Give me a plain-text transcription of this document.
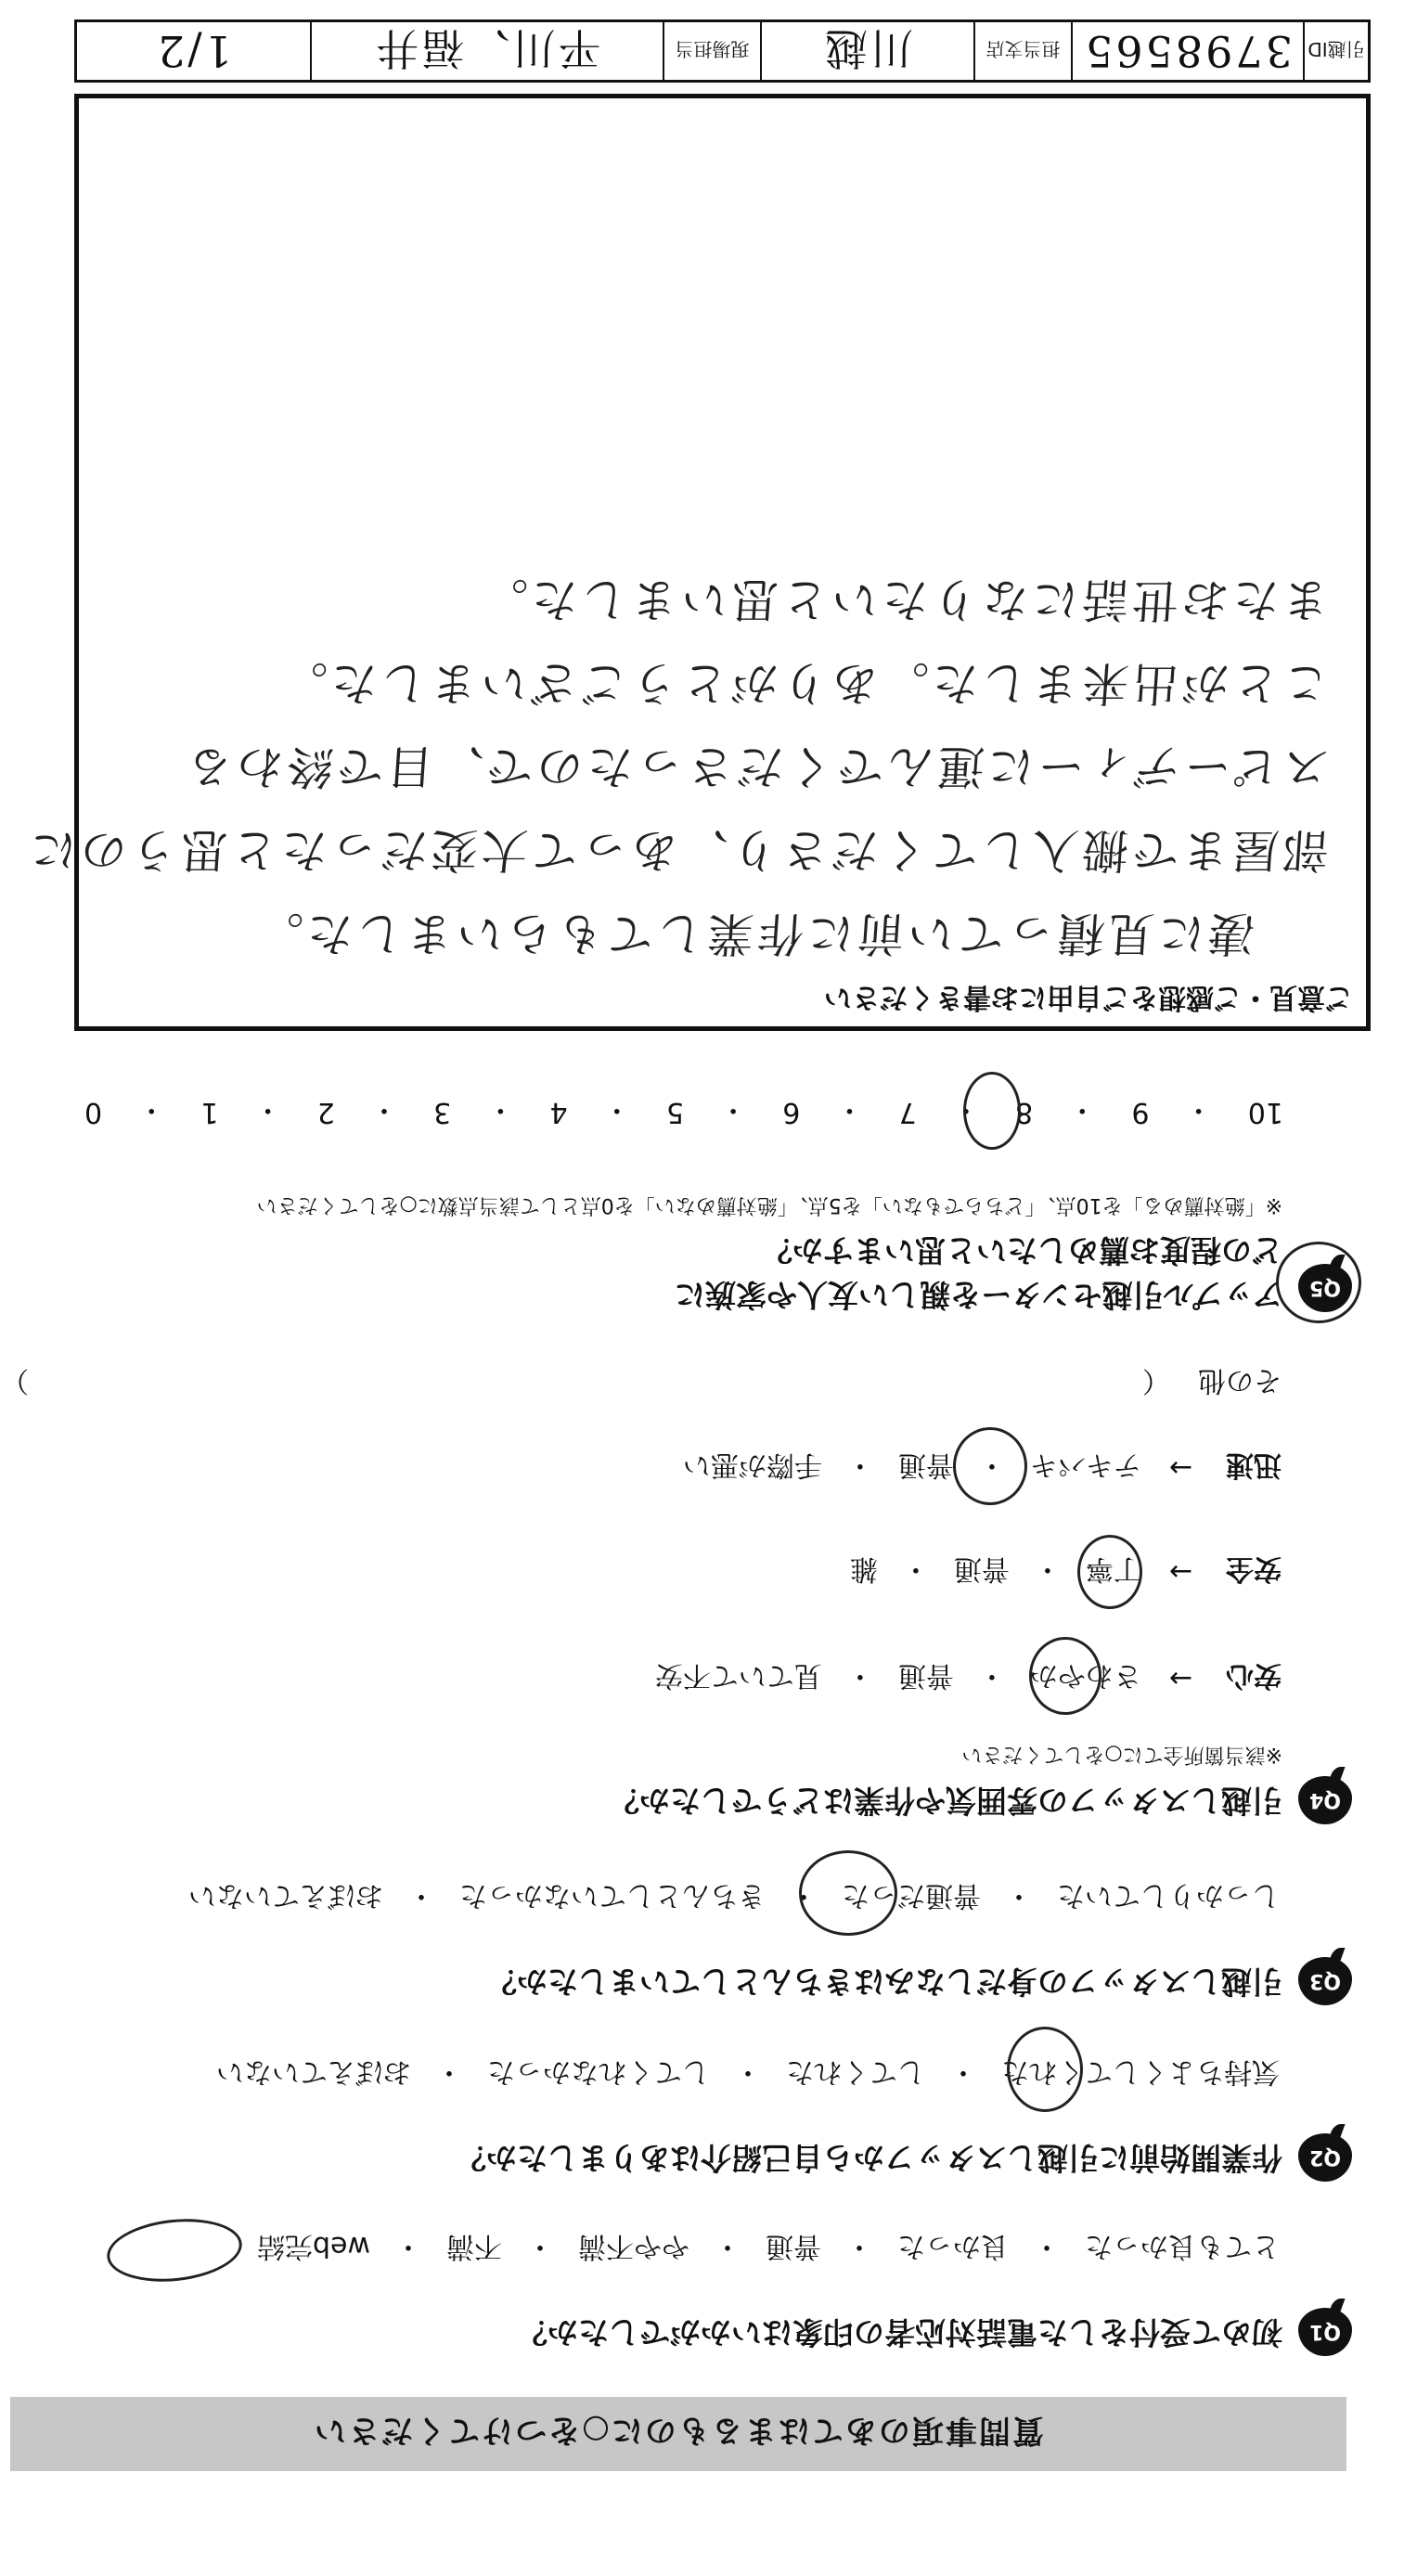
質問事項のあてはまるものに○をつけてください
Q1
初めて受付をした電話対応者の印象はいかがでしたか？
とても良かった
・
良かった
・
普通
・
やや不満
・
不満
・
web完結
Q2
作業開始前に引越しスタッフから自己紹介はありましたか？
気持ちよくしてくれた
・
してくれた
・
してくれなかった
・
おぼえていない
Q3
引越しスタッフの身だしなみはきちんとしていましたか？
しっかりしていた
・
普通だった
・
きちんとしていなかった
・
おぼえていない
Q4
引越しスタッフの雰囲気や作業はどうでしたか？
※該当箇所全てに○をしてください
安心
→
さわやか
・
普通
・
見ていて不安
安全
→
丁寧
・
普通
・
雑
迅速
→
テキパキ
・
普通
・
手際が悪い
その他
（
）
Q5
アップル引越センターを親しい友人や家族に
どの程度お薦めしたいと思いますか？
※「絶対薦める」を10点、「どちらでもない」を5点、「絶対薦めない」を0点として該当点数に○をしてください
10
・
9
・
8
・
7
・
6
・
5
・
4
・
3
・
2
・
1
・
0
ご意見・ご感想をご自由にお書きください
凄に見積ってい前に作業してもらいました。
部屋まで搬入してくださり、あって大変だったと思うのに
スピーディーに運んでくださったので、目で終わる
ことが出来ました。ありがとうございました。
またお世話になりたいと思いました。
引越ID
3798565
担当支店
川越
現場担当
平川、福井
1/2
